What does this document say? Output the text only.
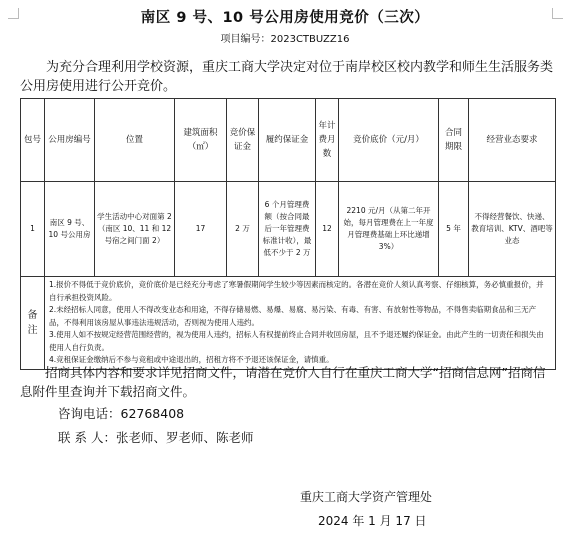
南区 9 号、10 号公用房使用竞价（三次）
项目编号：2023CTBUZZ16
为充分合理利用学校资源，重庆工商大学决定对位于南岸校区校内教学和师生生活服务类公用房使用进行公开竞价。
包号	公用房编号	位置	建筑面积（㎡）	竞价保证金	履约保证金	年计费月数	竞价底价（元/月）	合同期限	经营业态要求
1	南区 9 号、10 号公用房	学生活动中心对面第 2（南区 10、11 和 12 号宿之间门面 2）	17	2 万	6 个月管理费额（按合同最后一年管理费标准计收），最低不少于 2 万	12	2210 元/月（从第二年开始，每月管理费在上一年度月管理费基础上环比递增 3%）	5 年	不得经营餐饮、快递、教育培训、KTV、酒吧等业态
备注	1.报价不得低于竞价底价，竞价底价是已经充分考虑了寒暑假期间学生较少等因素而核定的。各潜在竞价人须认真考察、仔细核算，务必慎重报价，并自行承担投资风险。
2.未经招标人同意，使用人不得改变业态和用途，不得存储易燃、易爆、易腐、易污染、有毒、有害、有放射性等物品，不得售卖临期食品和三无产品，不得利用该房屋从事违法违规活动，否则视为使用人违约。
3.使用人如不按规定经营范围经营的，视为使用人违约，招标人有权提前终止合同并收回房屋，且不予退还履约保证金。由此产生的一切责任和损失由使用人自行负责。
4.竞租保证金缴纳后不参与竞租或中途退出的，招租方将不予退还该保证金，请慎重。								
招商具体内容和要求详见招商文件，请潜在竞价人自行在重庆工商大学“招商信息网”招商信息附件里查询并下载招商文件。
咨询电话：62768408
联 系 人：张老师、罗老师、陈老师
重庆工商大学资产管理处
2024 年 1 月 17 日
